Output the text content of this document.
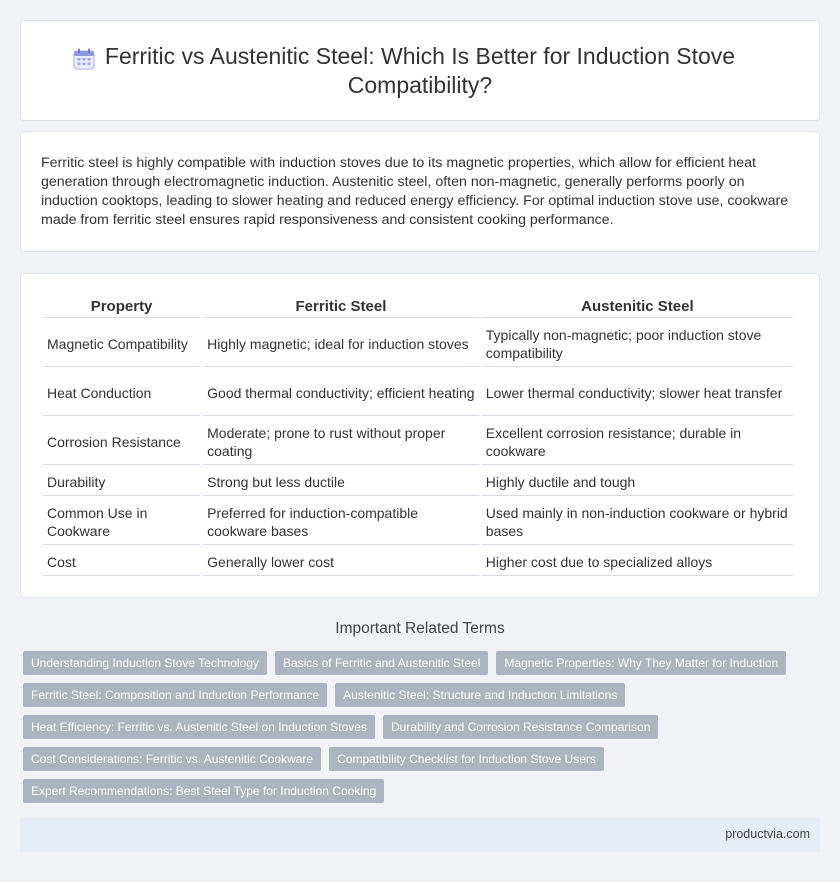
Ferritic vs Austenitic Steel: Which Is Better for Induction Stove Compatibility?

Ferritic steel is highly compatible with induction stoves due to its magnetic properties, which allow for efficient heat generation through electromagnetic induction. Austenitic steel, often non-magnetic, generally performs poorly on induction cooktops, leading to slower heating and reduced energy efficiency. For optimal induction stove use, cookware made from ferritic steel ensures rapid responsiveness and consistent cooking performance.

Property	Ferritic Steel	Austenitic Steel
Magnetic Compatibility	Highly magnetic; ideal for induction stoves	Typically non-magnetic; poor induction stove compatibility
Heat Conduction	Good thermal conductivity; efficient heating	Lower thermal conductivity; slower heat transfer
Corrosion Resistance	Moderate; prone to rust without proper coating	Excellent corrosion resistance; durable in cookware
Durability	Strong but less ductile	Highly ductile and tough
Common Use in Cookware	Preferred for induction-compatible cookware bases	Used mainly in non-induction cookware or hybrid bases
Cost	Generally lower cost	Higher cost due to specialized alloys
Important Related Terms
Understanding Induction Stove Technology	Basics of Ferritic and Austenitic Steel	Magnetic Properties: Why They Matter for Induction
Ferritic Steel: Composition and Induction Performance	Austenitic Steel: Structure and Induction Limitations
Heat Efficiency: Ferritic vs. Austenitic Steel on Induction Stoves	Durability and Corrosion Resistance Comparison
Cost Considerations: Ferritic vs. Austenitic Cookware	Compatibility Checklist for Induction Stove Users
Expert Recommendations: Best Steel Type for Induction Cooking
productvia.com
